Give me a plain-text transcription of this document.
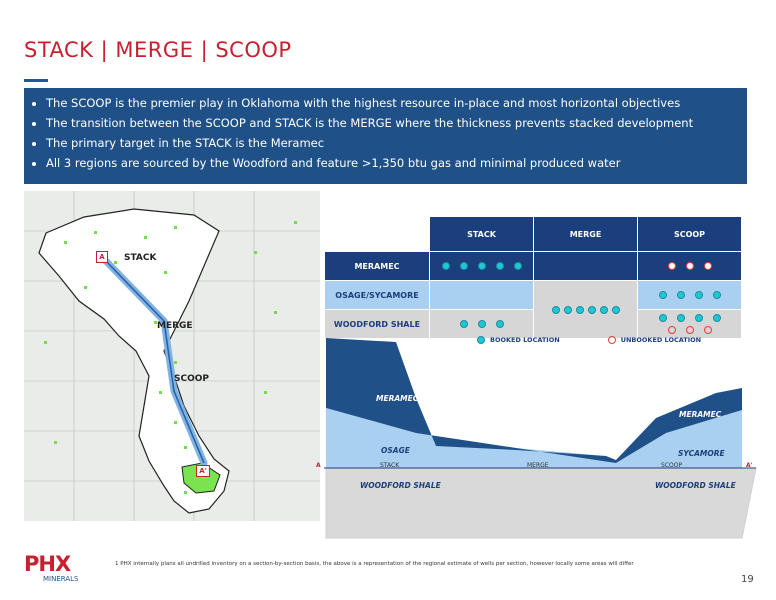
STACK | MERGE | SCOOP
• The SCOOP is the premier play in Oklahoma with the highest resource in-place and most horizontal objectives
• The transition between the SCOOP and STACK is the MERGE where the thickness prevents stacked development
• The primary target in the STACK is the Meramec
• All 3 regions are sourced by the Woodford and feature >1,350 btu gas and minimal produced water
A
A'
STACK
MERGE
SCOOP
	STACK	MERGE	SCOOP
MERAMEC			
OSAGE/SYCAMORE			
WOODFORD SHALE			
BOOKED LOCATION	UNBOOKED LOCATION
MERAMEC
MERAMEC
OSAGE	SYCAMORE
WOODFORD SHALE	WOODFORD SHALE
STACK	MERGE	SCOOP
A	A'
PHX
MINERALS
1 PHX internally plans all undrilled inventory on a section-by-section basis, the above is a representation of the regional estimate of wells per section, however locally some areas will differ
19
